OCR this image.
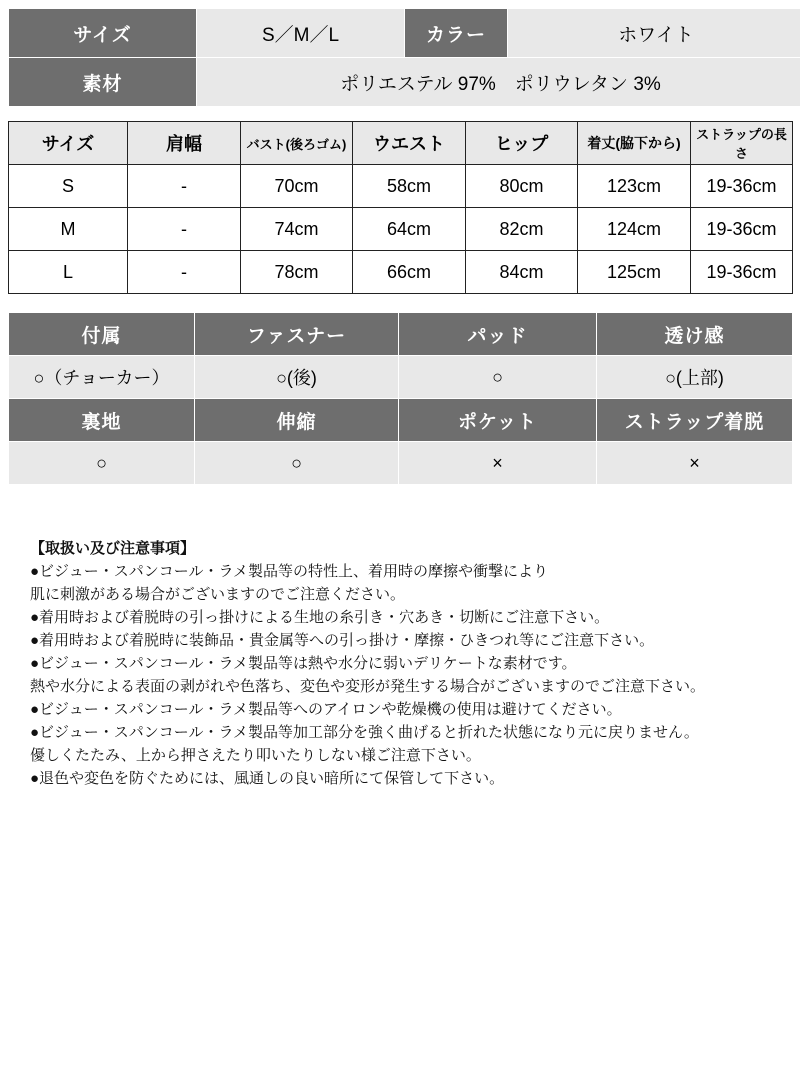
サイズ	S／M／L	カラー	ホワイト
素材	ポリエステル 97%　ポリウレタン 3%		
サイズ	肩幅	バスト(後ろゴム)	ウエスト	ヒップ	着丈(脇下から)	ストラップの長さ
S	-	70cm	58cm	80cm	123cm	19-36cm
M	-	74cm	64cm	82cm	124cm	19-36cm
L	-	78cm	66cm	84cm	125cm	19-36cm
付属	ファスナー	パッド	透け感
○（チョーカー）	○(後)	○	○(上部)
裏地	伸縮	ポケット	ストラップ着脱
○	○	×	×

【取扱い及び注意事項】

●ビジュー・スパンコール・ラメ製品等の特性上、着用時の摩擦や衝撃により

肌に刺激がある場合がございますのでご注意ください。

●着用時および着脱時の引っ掛けによる生地の糸引き・穴あき・切断にご注意下さい。

●着用時および着脱時に装飾品・貴金属等への引っ掛け・摩擦・ひきつれ等にご注意下さい。

●ビジュー・スパンコール・ラメ製品等は熱や水分に弱いデリケートな素材です。

熱や水分による表面の剥がれや色落ち、変色や変形が発生する場合がございますのでご注意下さい。

●ビジュー・スパンコール・ラメ製品等へのアイロンや乾燥機の使用は避けてください。

●ビジュー・スパンコール・ラメ製品等加工部分を強く曲げると折れた状態になり元に戻りません。

優しくたたみ、上から押さえたり叩いたりしない様ご注意下さい。

●退色や変色を防ぐためには、風通しの良い暗所にて保管して下さい。
